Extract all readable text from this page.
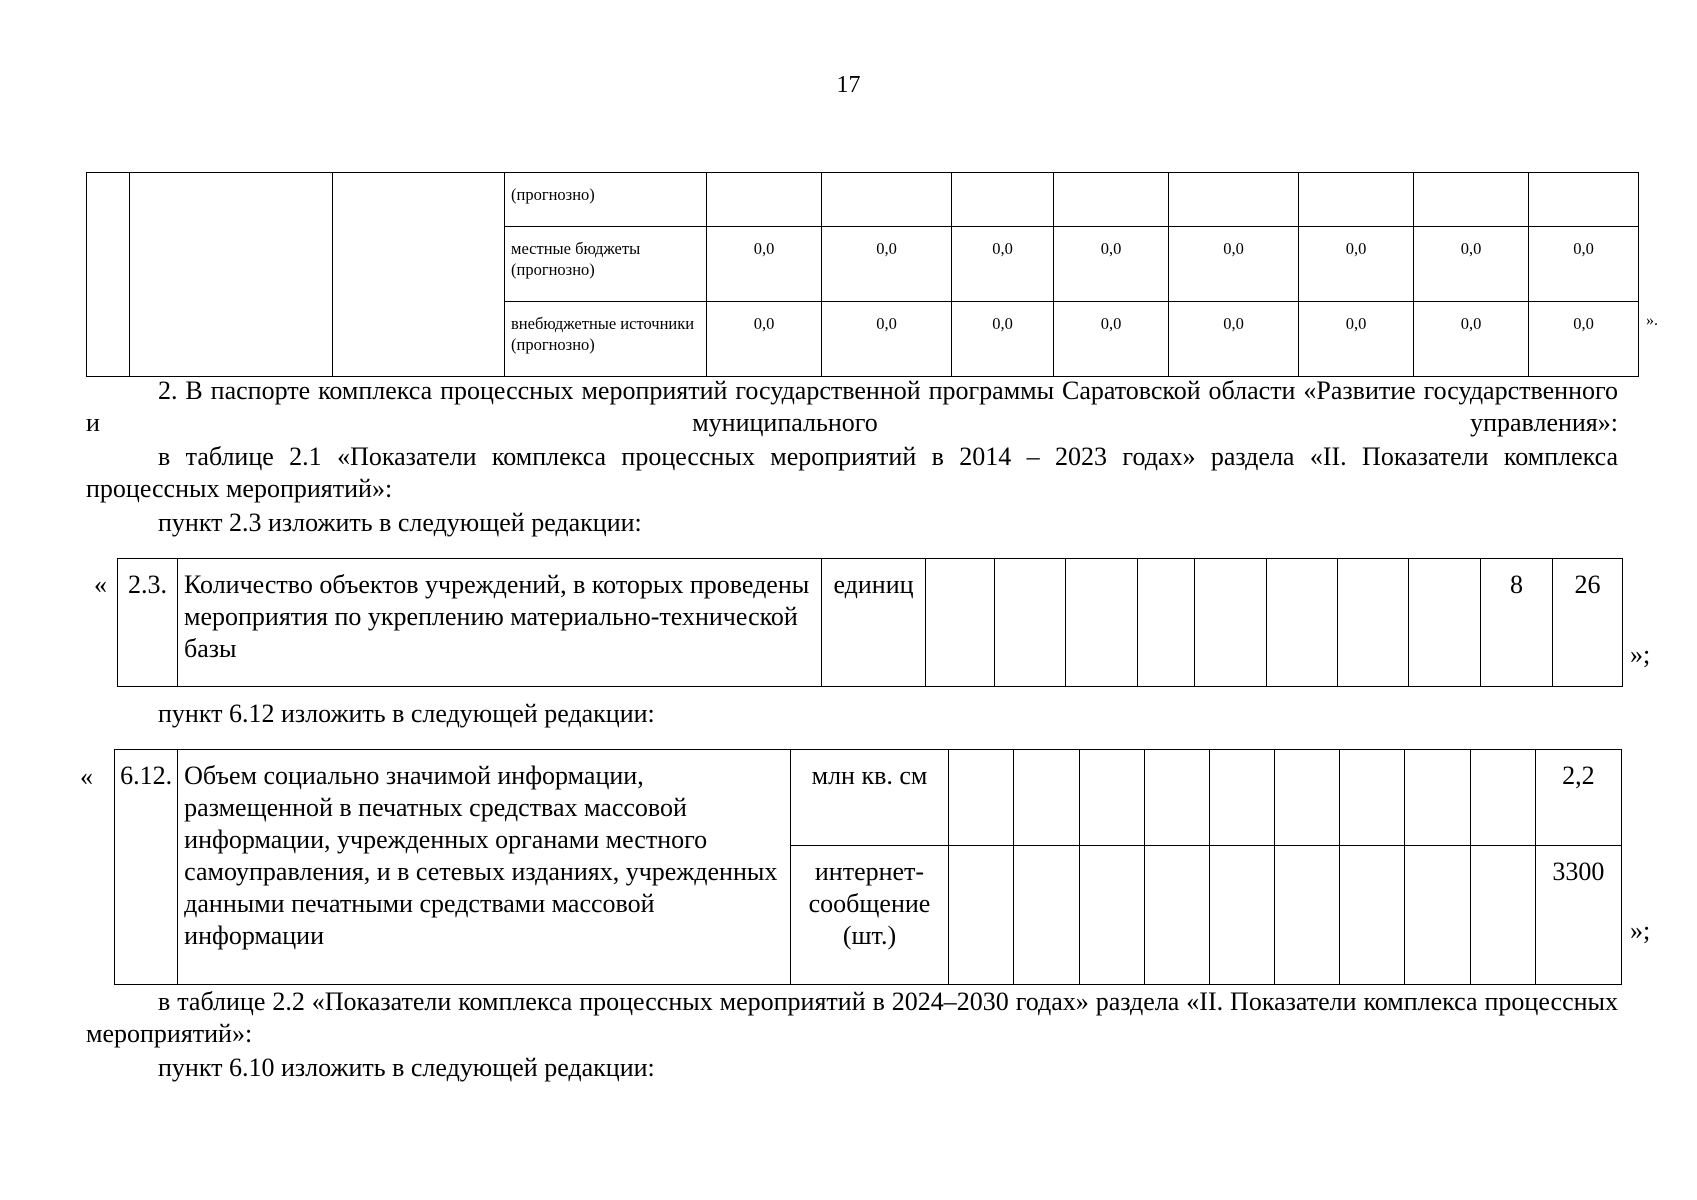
17
			(прогнозно)								
			местные бюджеты (прогнозно)	0,0	0,0	0,0	0,0	0,0	0,0	0,0	0,0
			внебюджетные источники (прогнозно)	0,0	0,0	0,0	0,0	0,0	0,0	0,0	0,0	».
2. В паспорте комплекса процессных мероприятий государственной программы Саратовской области «Развитие государственного и муниципального управления»:
в таблице 2.1 «Показатели комплекса процессных мероприятий в 2014 – 2023 годах» раздела «II. Показатели комплекса процессных мероприятий»:
пункт 2.3 изложить в следующей редакции:
« 2.3.	Количество объектов учреждений, в которых проведены мероприятия по укреплению материально-технической базы	единиц									8	26
»;
пункт 6.12 изложить в следующей редакции:
« 6.12.	Объем социально значимой информации, размещенной в печатных средствах массовой информации, учрежденных органами местного самоуправления, и в сетевых изданиях, учрежденных данными печатными средствами массовой информации	млн кв. см										2,2
		интернет-сообщение (шт.)										3300
»;
в таблице 2.2 «Показатели комплекса процессных мероприятий в 2024–2030 годах» раздела «II. Показатели комплекса процессных мероприятий»:
пункт 6.10 изложить в следующей редакции:
